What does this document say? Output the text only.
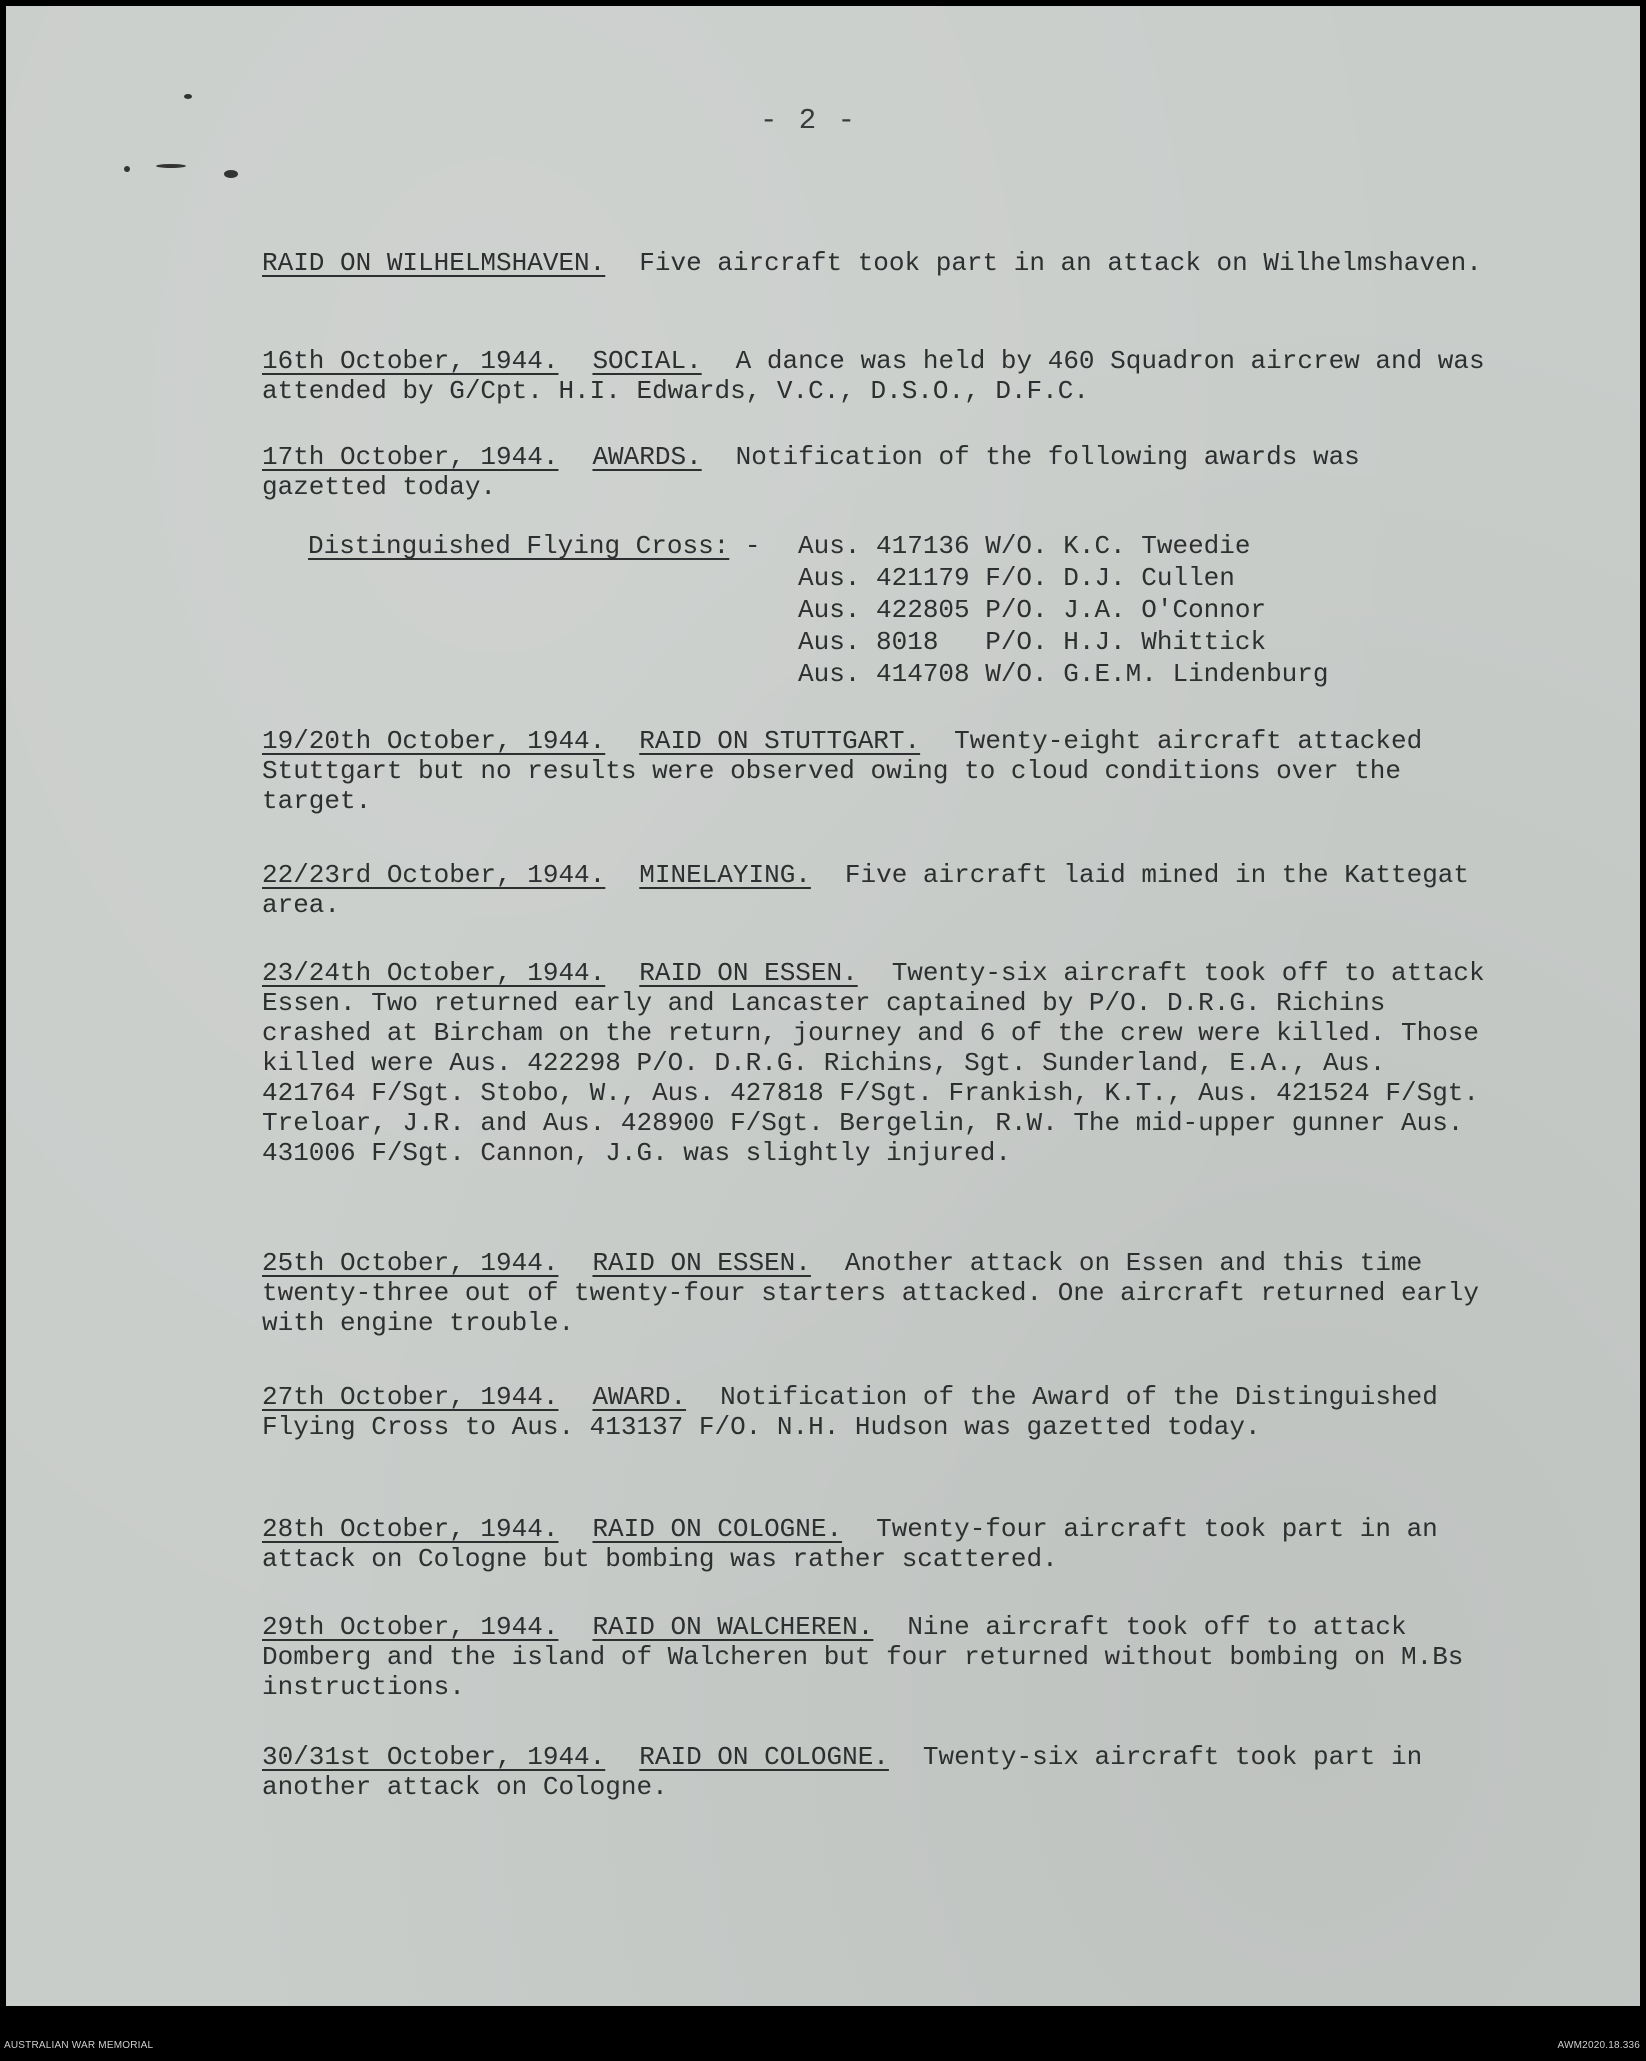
- 2 -

RAID ON WILHELMSHAVEN. Five aircraft took part in an attack on Wilhelmshaven.

16th October, 1944. SOCIAL. A dance was held by 460 Squadron aircrew and was attended by G/Cpt. H.I. Edwards, V.C., D.S.O., D.F.C.

17th October, 1944. AWARDS. Notification of the following awards was gazetted today.

Distinguished Flying Cross: -	Aus. 417136 W/O. K.C. Tweedie
Aus. 421179 F/O. D.J. Cullen
Aus. 422805 P/O. J.A. O'Connor
Aus. 8018   P/O. H.J. Whittick
Aus. 414708 W/O. G.E.M. Lindenburg

19/20th October, 1944. RAID ON STUTTGART. Twenty-eight aircraft attacked Stuttgart but no results were observed owing to cloud conditions over the target.

22/23rd October, 1944. MINELAYING. Five aircraft laid mined in the Kattegat area.

23/24th October, 1944. RAID ON ESSEN. Twenty-six aircraft took off to attack Essen. Two returned early and Lancaster captained by P/O. D.R.G. Richins crashed at Bircham on the return, journey and 6 of the crew were killed. Those killed were Aus. 422298 P/O. D.R.G. Richins, Sgt. Sunderland, E.A., Aus. 421764 F/Sgt. Stobo, W., Aus. 427818 F/Sgt. Frankish, K.T., Aus. 421524 F/Sgt. Treloar, J.R. and Aus. 428900 F/Sgt. Bergelin, R.W. The mid-upper gunner Aus. 431006 F/Sgt. Cannon, J.G. was slightly injured.

25th October, 1944. RAID ON ESSEN. Another attack on Essen and this time twenty-three out of twenty-four starters attacked. One aircraft returned early with engine trouble.

27th October, 1944. AWARD. Notification of the Award of the Distinguished Flying Cross to Aus. 413137 F/O. N.H. Hudson was gazetted today.

28th October, 1944. RAID ON COLOGNE. Twenty-four aircraft took part in an attack on Cologne but bombing was rather scattered.

29th October, 1944. RAID ON WALCHEREN. Nine aircraft took off to attack Domberg and the island of Walcheren but four returned without bombing on M.Bs instructions.

30/31st October, 1944. RAID ON COLOGNE. Twenty-six aircraft took part in another attack on Cologne.

AUSTRALIAN WAR MEMORIAL	AWM2020.18.336
